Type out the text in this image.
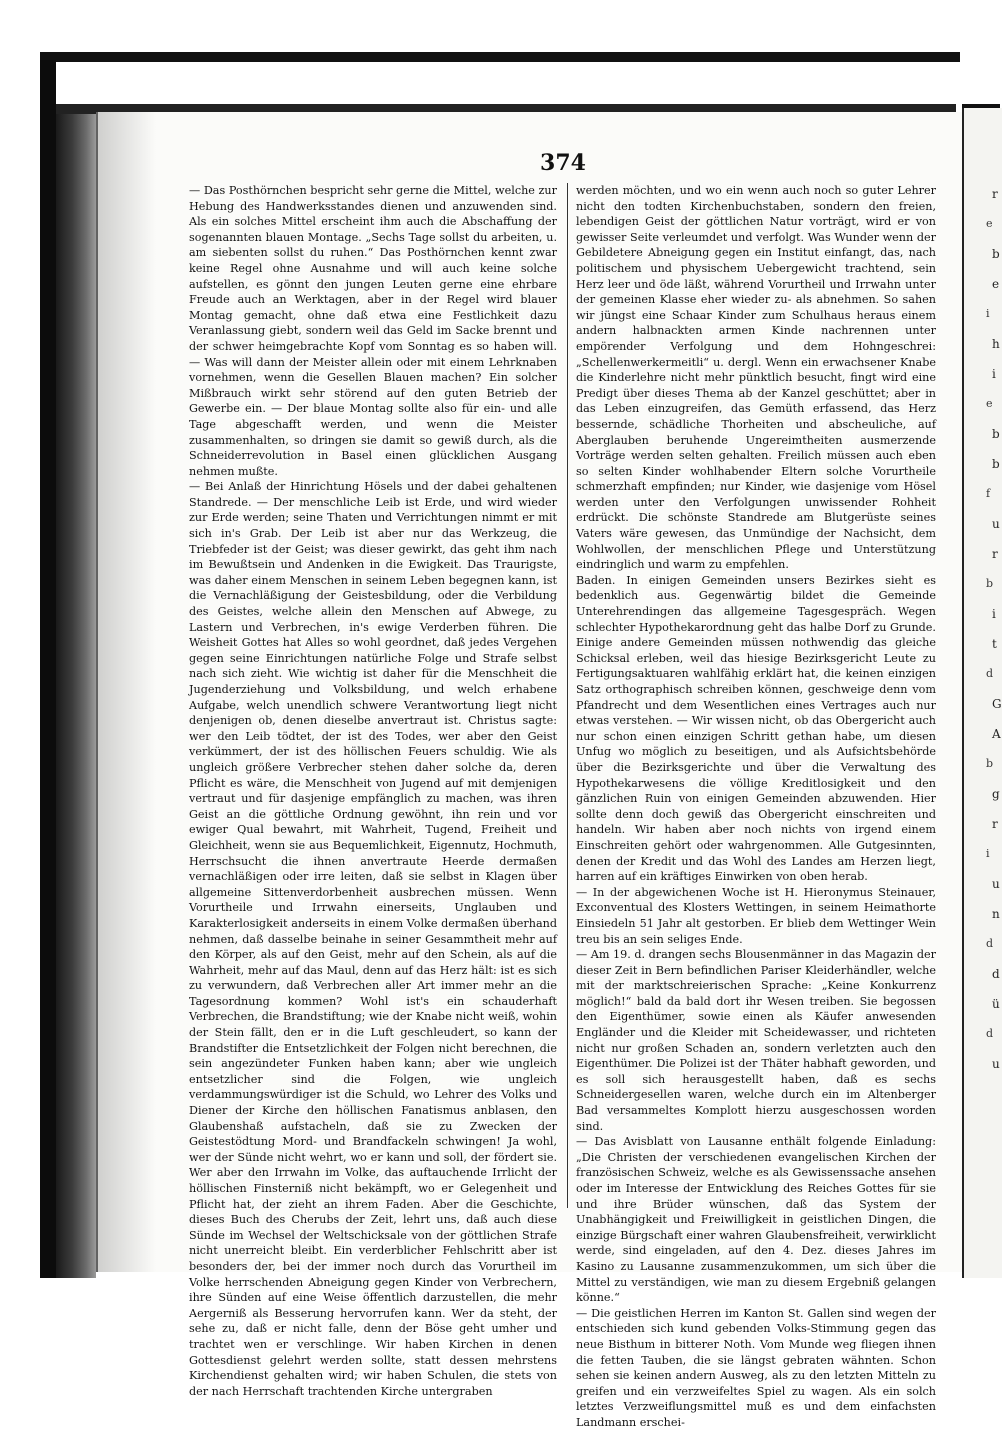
r
e
b
e
i
h
i
e
b
b
f
u
r
b
i
t
d
G
A
b
g
r
i
u
n
d
d
ü
d
u
374

— Das Posthörnchen bespricht sehr gerne die Mittel, welche zur Hebung des Handwerksstandes dienen und anzuwenden sind. Als ein solches Mittel erscheint ihm auch die Abschaffung der sogenannten blauen Montage. „Sechs Tage sollst du arbeiten, u. am siebenten sollst du ruhen.“ Das Posthörnchen kennt zwar keine Regel ohne Ausnahme und will auch keine solche aufstellen, es gönnt den jungen Leuten gerne eine ehrbare Freude auch an Werktagen, aber in der Regel wird blauer Montag gemacht, ohne daß etwa eine Festlichkeit dazu Veranlassung giebt, sondern weil das Geld im Sacke brennt und der schwer heimgebrachte Kopf vom Sonntag es so haben will. — Was will dann der Meister allein oder mit einem Lehrknaben vornehmen, wenn die Gesellen Blauen machen? Ein solcher Mißbrauch wirkt sehr störend auf den guten Betrieb der Gewerbe ein. — Der blaue Montag sollte also für ein- und alle Tage abgeschafft werden, und wenn die Meister zusammenhalten, so dringen sie damit so gewiß durch, als die Schneiderrevolution in Basel einen glücklichen Ausgang nehmen mußte.

— Bei Anlaß der Hinrichtung Hösels und der dabei gehaltenen Standrede. — Der menschliche Leib ist Erde, und wird wieder zur Erde werden; seine Thaten und Verrichtungen nimmt er mit sich in's Grab. Der Leib ist aber nur das Werkzeug, die Triebfeder ist der Geist; was dieser gewirkt, das geht ihm nach im Bewußtsein und Andenken in die Ewigkeit. Das Traurigste, was daher einem Menschen in seinem Leben begegnen kann, ist die Vernachläßigung der Geistesbildung, oder die Verbildung des Geistes, welche allein den Menschen auf Abwege, zu Lastern und Verbrechen, in's ewige Verderben führen. Die Weisheit Gottes hat Alles so wohl geordnet, daß jedes Vergehen gegen seine Einrichtungen natürliche Folge und Strafe selbst nach sich zieht. Wie wichtig ist daher für die Menschheit die Jugenderziehung und Volksbildung, und welch erhabene Aufgabe, welch unendlich schwere Verantwortung liegt nicht denjenigen ob, denen dieselbe anvertraut ist. Christus sagte: wer den Leib tödtet, der ist des Todes, wer aber den Geist verkümmert, der ist des höllischen Feuers schuldig. Wie als ungleich größere Verbrecher stehen daher solche da, deren Pflicht es wäre, die Menschheit von Jugend auf mit demjenigen vertraut und für dasjenige empfänglich zu machen, was ihren Geist an die göttliche Ordnung gewöhnt, ihn rein und vor ewiger Qual bewahrt, mit Wahrheit, Tugend, Freiheit und Gleichheit, wenn sie aus Bequemlichkeit, Eigennutz, Hochmuth, Herrschsucht die ihnen anvertraute Heerde dermaßen vernachläßigen oder irre leiten, daß sie selbst in Klagen über allgemeine Sittenverdorbenheit ausbrechen müssen. Wenn Vorurtheile und Irrwahn einerseits, Unglauben und Karakterlosigkeit anderseits in einem Volke dermaßen überhand nehmen, daß dasselbe beinahe in seiner Gesammtheit mehr auf den Körper, als auf den Geist, mehr auf den Schein, als auf die Wahrheit, mehr auf das Maul, denn auf das Herz hält: ist es sich zu verwundern, daß Verbrechen aller Art immer mehr an die Tagesordnung kommen? Wohl ist's ein schauderhaft Verbrechen, die Brandstiftung; wie der Knabe nicht weiß, wohin der Stein fällt, den er in die Luft geschleudert, so kann der Brandstifter die Entsetzlichkeit der Folgen nicht berechnen, die sein angezündeter Funken haben kann; aber wie ungleich entsetzlicher sind die Folgen, wie ungleich verdammungswürdiger ist die Schuld, wo Lehrer des Volks und Diener der Kirche den höllischen Fanatismus anblasen, den Glaubenshaß aufstacheln, daß sie zu Zwecken der Geistestödtung Mord- und Brandfackeln schwingen! Ja wohl, wer der Sünde nicht wehrt, wo er kann und soll, der fördert sie. Wer aber den Irrwahn im Volke, das auftauchende Irrlicht der höllischen Finsterniß nicht bekämpft, wo er Gelegenheit und Pflicht hat, der zieht an ihrem Faden. Aber die Geschichte, dieses Buch des Cherubs der Zeit, lehrt uns, daß auch diese Sünde im Wechsel der Weltschicksale von der göttlichen Strafe nicht unerreicht bleibt. Ein verderblicher Fehlschritt aber ist besonders der, bei der immer noch durch das Vorurtheil im Volke herrschenden Abneigung gegen Kinder von Verbrechern, ihre Sünden auf eine Weise öffentlich darzustellen, die mehr Aergerniß als Besserung hervorrufen kann. Wer da steht, der sehe zu, daß er nicht falle, denn der Böse geht umher und trachtet wen er verschlinge. Wir haben Kirchen in denen Gottesdienst gelehrt werden sollte, statt dessen mehrstens Kirchendienst gehalten wird; wir haben Schulen, die stets von der nach Herrschaft trachtenden Kirche untergraben

werden möchten, und wo ein wenn auch noch so guter Lehrer nicht den todten Kirchenbuchstaben, sondern den freien, lebendigen Geist der göttlichen Natur vorträgt, wird er von gewisser Seite verleumdet und verfolgt. Was Wunder wenn der Gebildetere Abneigung gegen ein Institut einfangt, das, nach politischem und physischem Uebergewicht trachtend, sein Herz leer und öde läßt, während Vorurtheil und Irrwahn unter der gemeinen Klasse eher wieder zu- als abnehmen. So sahen wir jüngst eine Schaar Kinder zum Schulhaus heraus einem andern halbnackten armen Kinde nachrennen unter empörender Verfolgung und dem Hohngeschrei: „Schellenwerkermeitli“ u. dergl. Wenn ein erwachsener Knabe die Kinderlehre nicht mehr pünktlich besucht, fingt wird eine Predigt über dieses Thema ab der Kanzel geschüttet; aber in das Leben einzugreifen, das Gemüth erfassend, das Herz bessernde, schädliche Thorheiten und abscheuliche, auf Aberglauben beruhende Ungereimtheiten ausmerzende Vorträge werden selten gehalten. Freilich müssen auch eben so selten Kinder wohlhabender Eltern solche Vorurtheile schmerzhaft empfinden; nur Kinder, wie dasjenige vom Hösel werden unter den Verfolgungen unwissender Rohheit erdrückt. Die schönste Standrede am Blutgerüste seines Vaters wäre gewesen, das Unmündige der Nachsicht, dem Wohlwollen, der menschlichen Pflege und Unterstützung eindringlich und warm zu empfehlen.

Baden. In einigen Gemeinden unsers Bezirkes sieht es bedenklich aus. Gegenwärtig bildet die Gemeinde Unterehrendingen das allgemeine Tagesgespräch. Wegen schlechter Hypothekarordnung geht das halbe Dorf zu Grunde. Einige andere Gemeinden müssen nothwendig das gleiche Schicksal erleben, weil das hiesige Bezirksgericht Leute zu Fertigungsaktuaren wahlfähig erklärt hat, die keinen einzigen Satz orthographisch schreiben können, geschweige denn vom Pfandrecht und dem Wesentlichen eines Vertrages auch nur etwas verstehen. — Wir wissen nicht, ob das Obergericht auch nur schon einen einzigen Schritt gethan habe, um diesen Unfug wo möglich zu beseitigen, und als Aufsichtsbehörde über die Bezirksgerichte und über die Verwaltung des Hypothekarwesens die völlige Kreditlosigkeit und den gänzlichen Ruin von einigen Gemeinden abzuwenden. Hier sollte denn doch gewiß das Obergericht einschreiten und handeln. Wir haben aber noch nichts von irgend einem Einschreiten gehört oder wahrgenommen. Alle Gutgesinnten, denen der Kredit und das Wohl des Landes am Herzen liegt, harren auf ein kräftiges Einwirken von oben herab.

— In der abgewichenen Woche ist H. Hieronymus Steinauer, Exconventual des Klosters Wettingen, in seinem Heimathorte Einsiedeln 51 Jahr alt gestorben. Er blieb dem Wettinger Wein treu bis an sein seliges Ende.

— Am 19. d. drangen sechs Blousenmänner in das Magazin der dieser Zeit in Bern befindlichen Pariser Kleiderhändler, welche mit der marktschreierischen Sprache: „Keine Konkurrenz möglich!“ bald da bald dort ihr Wesen treiben. Sie begossen den Eigenthümer, sowie einen als Käufer anwesenden Engländer und die Kleider mit Scheidewasser, und richteten nicht nur großen Schaden an, sondern verletzten auch den Eigenthümer. Die Polizei ist der Thäter habhaft geworden, und es soll sich herausgestellt haben, daß es sechs Schneidergesellen waren, welche durch ein im Altenberger Bad versammeltes Komplott hierzu ausgeschossen worden sind.

— Das Avisblatt von Lausanne enthält folgende Einladung: „Die Christen der verschiedenen evangelischen Kirchen der französischen Schweiz, welche es als Gewissenssache ansehen oder im Interesse der Entwicklung des Reiches Gottes für sie und ihre Brüder wünschen, daß das System der Unabhängigkeit und Freiwilligkeit in geistlichen Dingen, die einzige Bürgschaft einer wahren Glaubensfreiheit, verwirklicht werde, sind eingeladen, auf den 4. Dez. dieses Jahres im Kasino zu Lausanne zusammenzukommen, um sich über die Mittel zu verständigen, wie man zu diesem Ergebniß gelangen könne.“

— Die geistlichen Herren im Kanton St. Gallen sind wegen der entschieden sich kund gebenden Volks-Stimmung gegen das neue Bisthum in bitterer Noth. Vom Munde weg fliegen ihnen die fetten Tauben, die sie längst gebraten wähnten. Schon sehen sie keinen andern Ausweg, als zu den letzten Mitteln zu greifen und ein verzweifeltes Spiel zu wagen. Als ein solch letztes Verzweiflungsmittel muß es und dem einfachsten Landmann erschei-
